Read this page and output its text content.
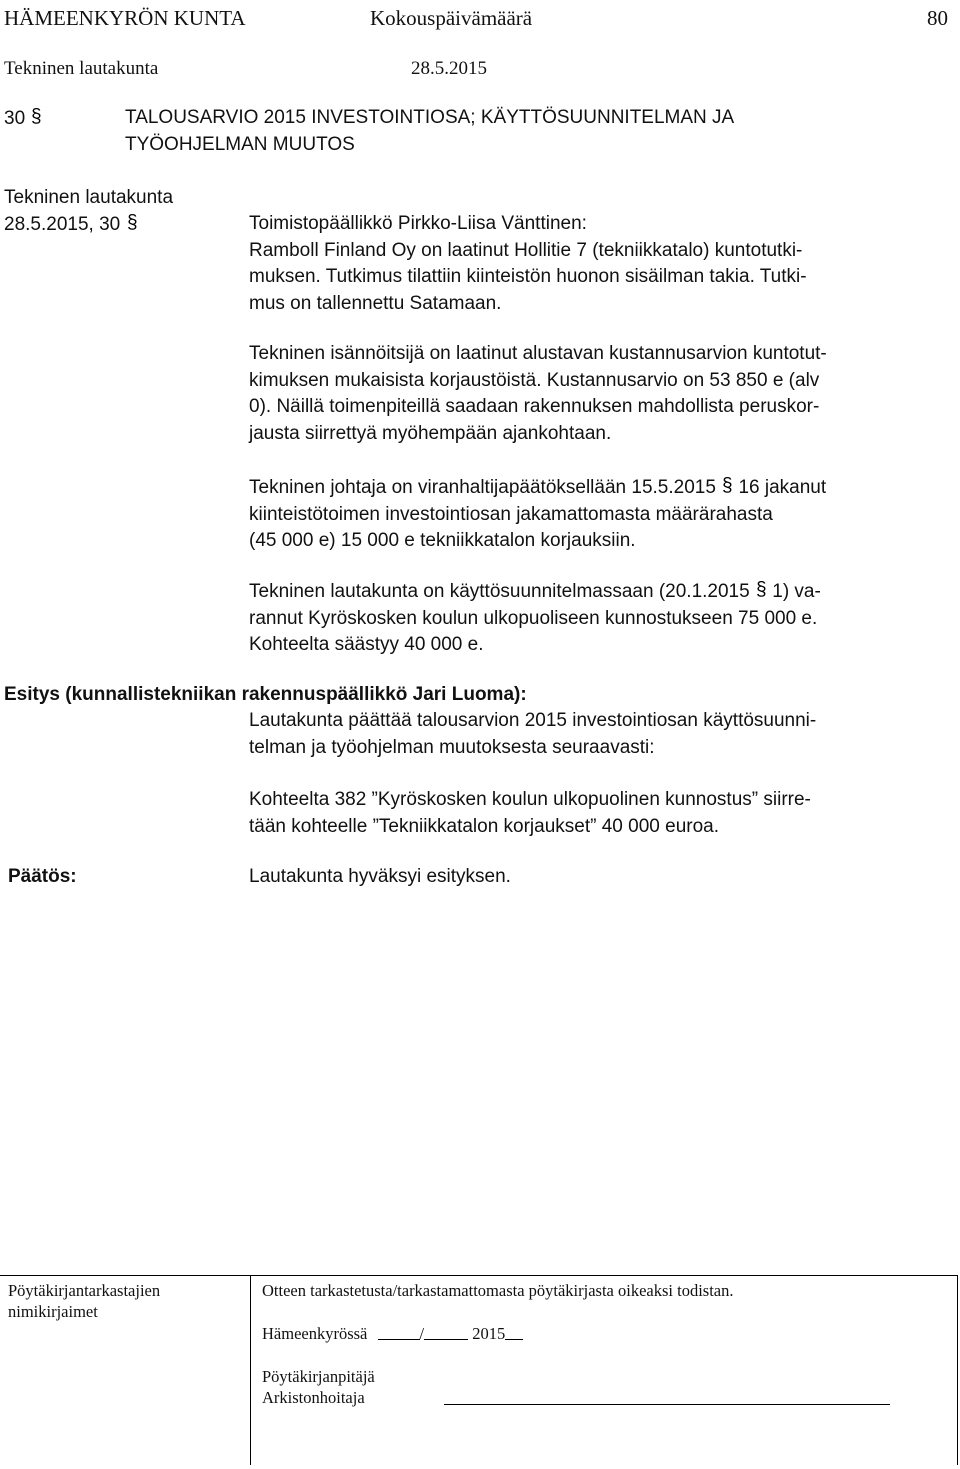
HÄMEENKYRÖN KUNTA	Kokouspäivämäärä	80
Tekninen lautakunta	28.5.2015
30 §	TALOUSARVIO 2015 INVESTOINTIOSA; KÄYTTÖSUUNNITELMAN JA
TYÖOHJELMAN MUUTOS
Tekninen lautakunta
28.5.2015, 30 §	Toimistopäällikkö Pirkko-Liisa Vänttinen:
Ramboll Finland Oy on laatinut Hollitie 7 (tekniikkatalo) kuntotutki-
muksen. Tutkimus tilattiin kiinteistön huonon sisäilman takia. Tutki-
mus on tallennettu Satamaan.
Tekninen isännöitsijä on laatinut alustavan kustannusarvion kuntotut-
kimuksen mukaisista korjaustöistä. Kustannusarvio on 53 850 e (alv
0). Näillä toimenpiteillä saadaan rakennuksen mahdollista peruskor-
jausta siirrettyä myöhempään ajankohtaan.
Tekninen johtaja on viranhaltijapäätöksellään 15.5.2015 § 16 jakanut
kiinteistötoimen investointiosan jakamattomasta määrärahasta
(45 000 e) 15 000 e tekniikkatalon korjauksiin.
Tekninen lautakunta on käyttösuunnitelmassaan (20.1.2015 § 1) va-
rannut Kyröskosken koulun ulkopuoliseen kunnostukseen 75 000 e.
Kohteelta säästyy 40 000 e.
Esitys (kunnallistekniikan rakennuspäällikkö Jari Luoma):
Lautakunta päättää talousarvion 2015 investointiosan käyttösuunni-
telman ja työohjelman muutoksesta seuraavasti:
Kohteelta 382 ”Kyröskosken koulun ulkopuolinen kunnostus” siirre-
tään kohteelle ”Tekniikkatalon korjaukset” 40 000 euroa.
Päätös:	Lautakunta hyväksyi esityksen.
Pöytäkirjantarkastajien
nimikirjaimet
Otteen tarkastetusta/tarkastamattomasta pöytäkirjasta oikeaksi todistan.
Hämeenkyrössä	/	2015
Pöytäkirjanpitäjä
Arkistonhoitaja
